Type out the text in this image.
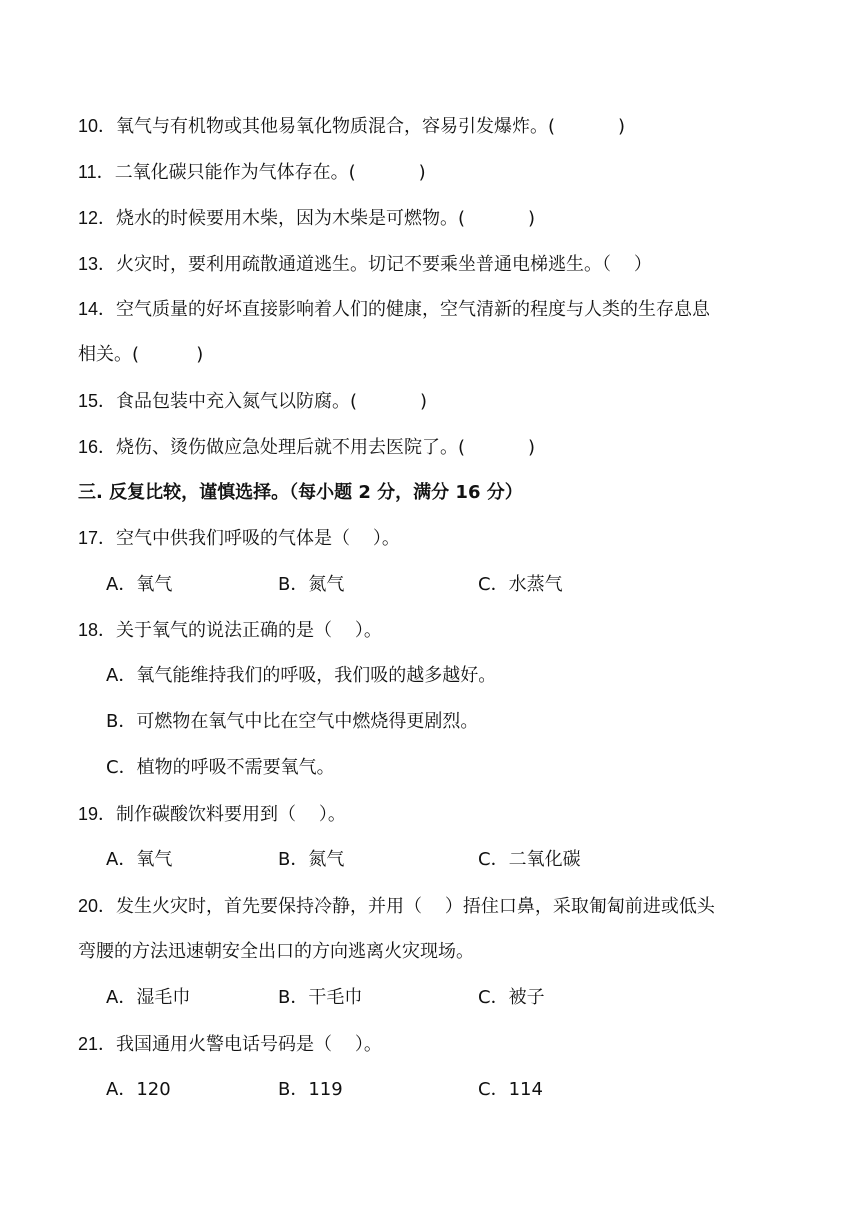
10．氧气与有机物或其他易氧化物质混合，容易引发爆炸。(           )
11．二氧化碳只能作为气体存在。(           )
12．烧水的时候要用木柴，因为木柴是可燃物。(           )
13．火灾时，要利用疏散通道逃生。切记不要乘坐普通电梯逃生。（    ）
14．空气质量的好坏直接影响着人们的健康，空气清新的程度与人类的生存息息
相关。(          )
15．食品包装中充入氮气以防腐。(           )
16．烧伤、烫伤做应急处理后就不用去医院了。(           )
三. 反复比较，谨慎选择。（每小题 2 分，满分 16 分）
17．空气中供我们呼吸的气体是（    ）。
A．氧气	B．氮气	C．水蒸气
18．关于氧气的说法正确的是（    ）。
A．氧气能维持我们的呼吸，我们吸的越多越好。
B．可燃物在氧气中比在空气中燃烧得更剧烈。
C．植物的呼吸不需要氧气。
19．制作碳酸饮料要用到（    ）。
A．氧气	B．氮气	C．二氧化碳
20．发生火灾时，首先要保持冷静，并用（    ）捂住口鼻，采取匍匐前进或低头
弯腰的方法迅速朝安全出口的方向逃离火灾现场。
A．湿毛巾	B．干毛巾	C．被子
21．我国通用火警电话号码是（    ）。
A．120	B．119	C．114
